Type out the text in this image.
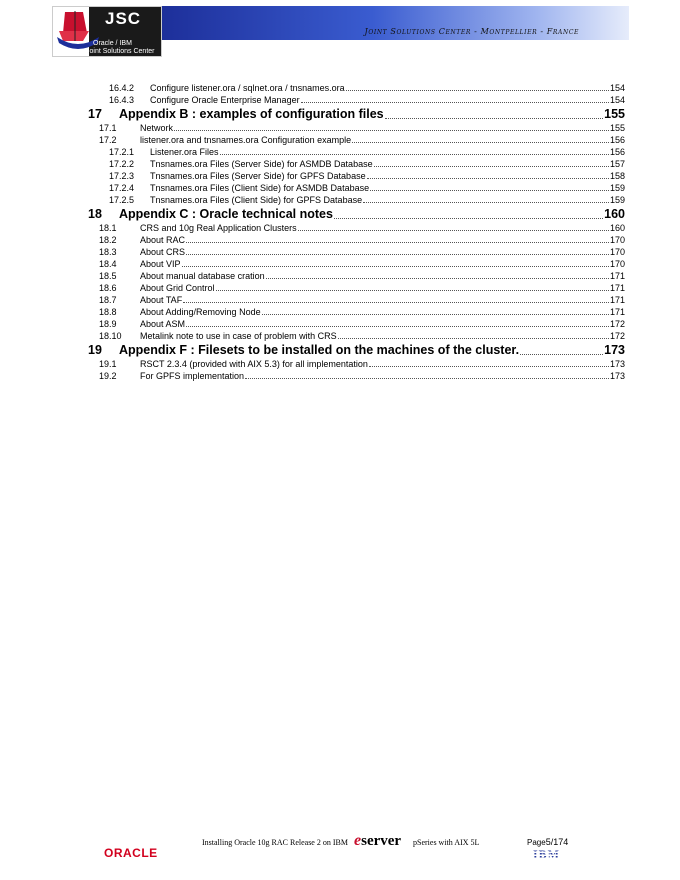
JSC
Oracle / IBM
Joint Solutions Center
Joint Solutions Center - Montpellier - France
16.4.2	Configure listener.ora / sqlnet.ora / tnsnames.ora	154
16.4.3	Configure Oracle Enterprise Manager	154
17	Appendix B : examples of configuration files	155
17.1	Network	155
17.2	listener.ora and tnsnames.ora Configuration example	156
17.2.1	Listener.ora Files	156
17.2.2	Tnsnames.ora Files (Server Side) for ASMDB Database	157
17.2.3	Tnsnames.ora Files (Server Side) for GPFS Database	158
17.2.4	Tnsnames.ora Files (Client Side) for ASMDB Database	159
17.2.5	Tnsnames.ora Files (Client Side) for GPFS Database	159
18	Appendix C : Oracle technical notes	160
18.1	CRS and 10g Real Application Clusters	160
18.2	About RAC	170
18.3	About CRS	170
18.4	About VIP	170
18.5	About manual database cration	171
18.6	About Grid Control	171
18.7	About TAF	171
18.8	About Adding/Removing Node	171
18.9	About ASM	172
18.10	Metalink note to use in case of problem with CRS	172
19	Appendix F : Filesets to be installed on the machines of the cluster.	173
19.1	RSCT 2.3.4 (provided with AIX 5.3) for all implementation	173
19.2	For GPFS implementation	173
Installing Oracle 10g RAC Release 2 on IBM eserver pSeries with AIX 5L	Page5/174
ORACLE	IBM
